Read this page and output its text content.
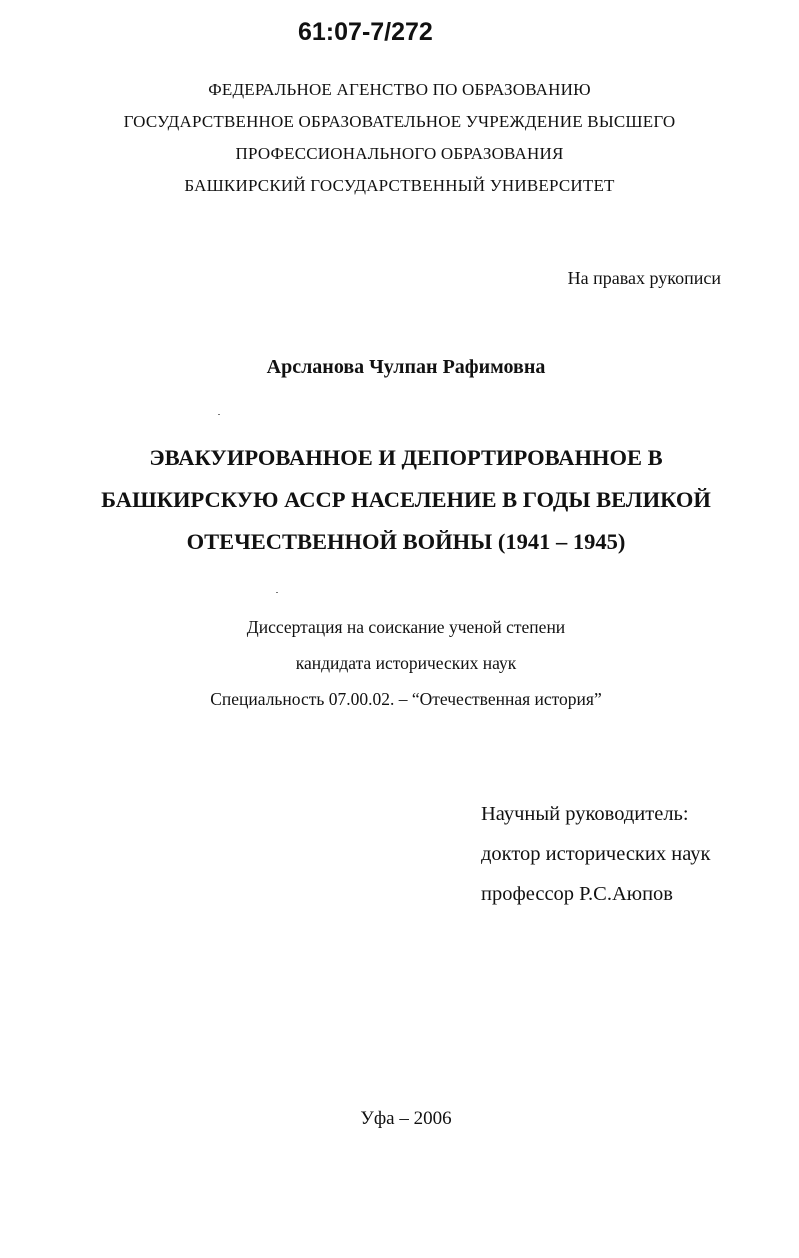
61:07-7/272
ФЕДЕРАЛЬНОЕ АГЕНСТВО ПО ОБРАЗОВАНИЮ
ГОСУДАРСТВЕННОЕ ОБРАЗОВАТЕЛЬНОЕ УЧРЕЖДЕНИЕ ВЫСШЕГО
ПРОФЕССИОНАЛЬНОГО ОБРАЗОВАНИЯ
БАШКИРСКИЙ ГОСУДАРСТВЕННЫЙ УНИВЕРСИТЕТ
На правах рукописи
Арсланова Чулпан Рафимовна
ЭВАКУИРОВАННОЕ И ДЕПОРТИРОВАННОЕ В
БАШКИРСКУЮ АССР НАСЕЛЕНИЕ В ГОДЫ ВЕЛИКОЙ
ОТЕЧЕСТВЕННОЙ ВОЙНЫ (1941 – 1945)
Диссертация на соискание ученой степени
кандидата исторических наук
Специальность 07.00.02. – “Отечественная история”
Научный руководитель:
доктор исторических наук
профессор Р.С.Аюпов
Уфа – 2006
